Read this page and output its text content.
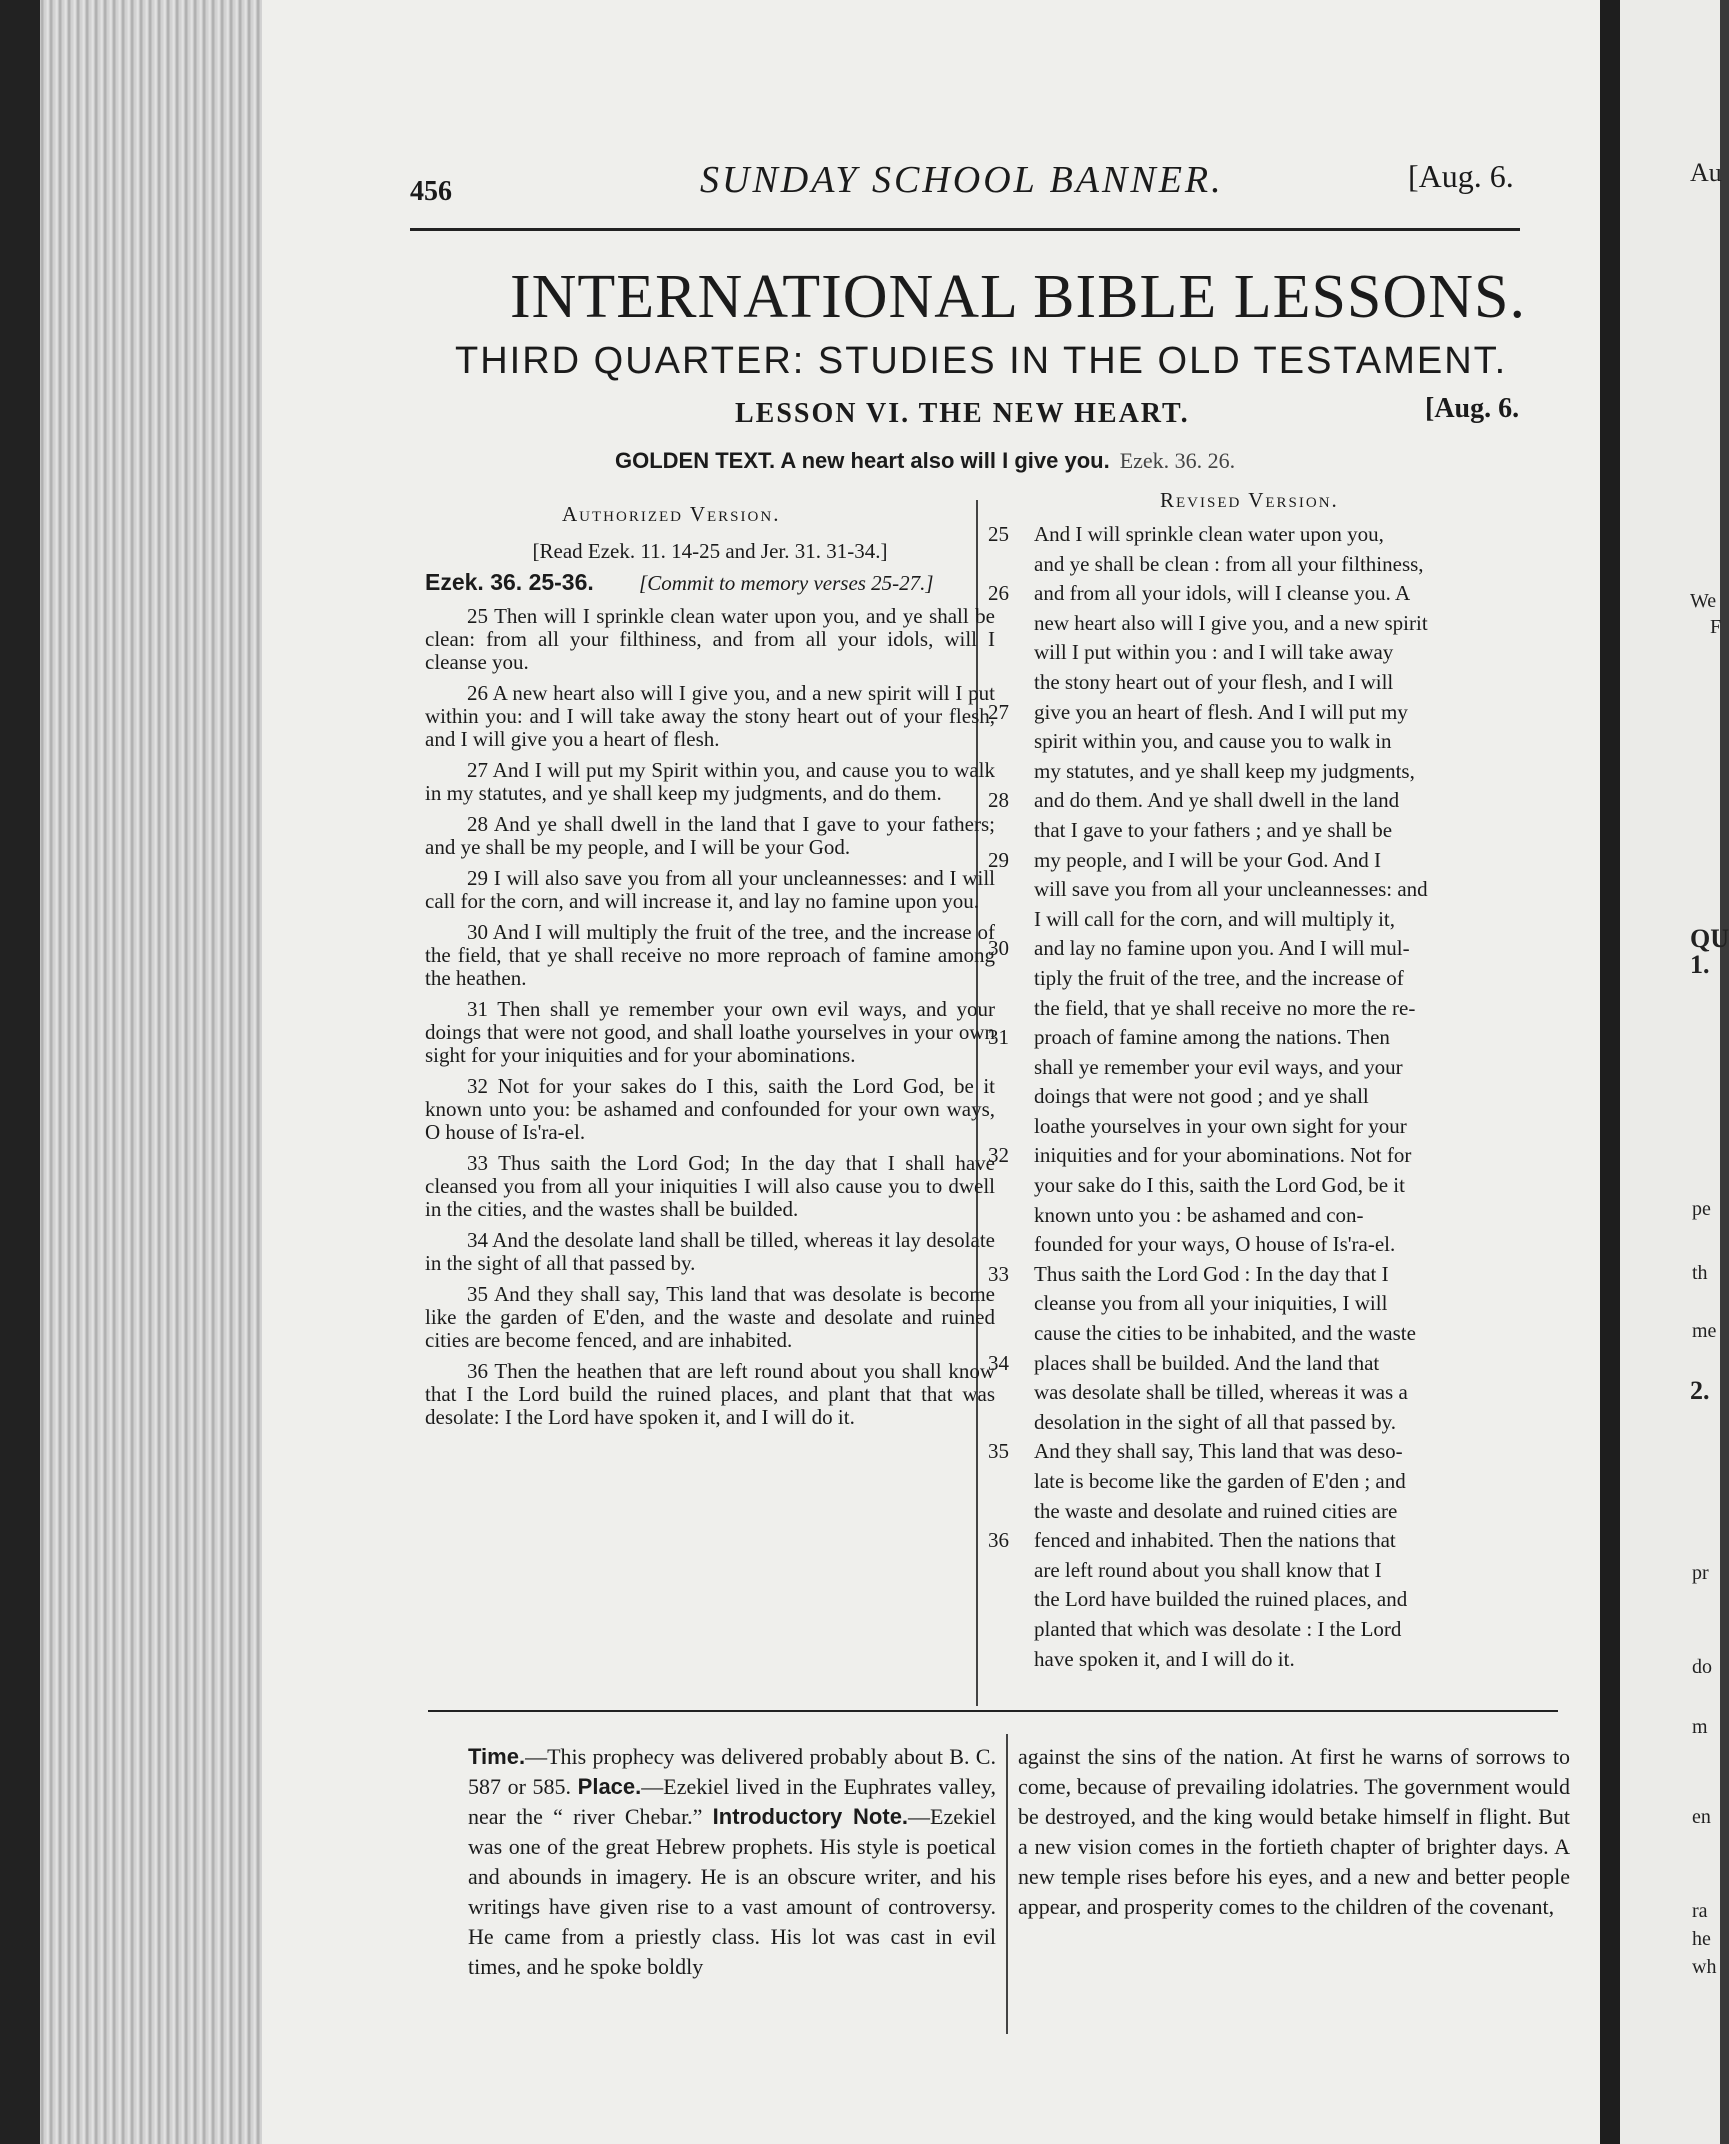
Au
We
F
QU
1.
pe
th
me
2.
pr
do
m
en
ra
he
wh
456	SUNDAY SCHOOL BANNER.	[Aug. 6.
INTERNATIONAL BIBLE LESSONS.
THIRD QUARTER: STUDIES IN THE OLD TESTAMENT.
LESSON VI. THE NEW HEART.	[Aug. 6.
GOLDEN TEXT. A new heart also will I give you. Ezek. 36. 26.
Authorized Version.
Revised Version.
[Read Ezek. 11. 14-25 and Jer. 31. 31-34.]
Ezek. 36. 25-36. [Commit to memory verses 25-27.]

25 Then will I sprinkle clean water upon you, and ye shall be clean: from all your filthiness, and from all your idols, will I cleanse you.

26 A new heart also will I give you, and a new spirit will I put within you: and I will take away the stony heart out of your flesh, and I will give you a heart of flesh.

27 And I will put my Spirit within you, and cause you to walk in my statutes, and ye shall keep my judgments, and do them.

28 And ye shall dwell in the land that I gave to your fathers; and ye shall be my people, and I will be your God.

29 I will also save you from all your uncleannesses: and I will call for the corn, and will increase it, and lay no famine upon you.

30 And I will multiply the fruit of the tree, and the increase of the field, that ye shall receive no more reproach of famine among the heathen.

31 Then shall ye remember your own evil ways, and your doings that were not good, and shall loathe yourselves in your own sight for your iniquities and for your abominations.

32 Not for your sakes do I this, saith the Lord God, be it known unto you: be ashamed and confounded for your own ways, O house of Is'ra-el.

33 Thus saith the Lord God; In the day that I shall have cleansed you from all your iniquities I will also cause you to dwell in the cities, and the wastes shall be builded.

34 And the desolate land shall be tilled, whereas it lay desolate in the sight of all that passed by.

35 And they shall say, This land that was desolate is become like the garden of E'den, and the waste and desolate and ruined cities are become fenced, and are inhabited.

36 Then the heathen that are left round about you shall know that I the Lord build the ruined places, and plant that that was desolate: I the Lord have spoken it, and I will do it.

25	And I will sprinkle clean water upon you,
and ye shall be clean : from all your filthiness,
26	and from all your idols, will I cleanse you. A
new heart also will I give you, and a new spirit
will I put within you : and I will take away
the stony heart out of your flesh, and I will
27	give you an heart of flesh. And I will put my
spirit within you, and cause you to walk in
my statutes, and ye shall keep my judgments,
28	and do them. And ye shall dwell in the land
that I gave to your fathers ; and ye shall be
29	my people, and I will be your God. And I
will save you from all your uncleannesses: and
I will call for the corn, and will multiply it,
30	and lay no famine upon you. And I will mul-
tiply the fruit of the tree, and the increase of
the field, that ye shall receive no more the re-
31	proach of famine among the nations. Then
shall ye remember your evil ways, and your
doings that were not good ; and ye shall
loathe yourselves in your own sight for your
32	iniquities and for your abominations. Not for
your sake do I this, saith the Lord God, be it
known unto you : be ashamed and con-
founded for your ways, O house of Is'ra-el.
33	Thus saith the Lord God : In the day that I
cleanse you from all your iniquities, I will
cause the cities to be inhabited, and the waste
34	places shall be builded. And the land that
was desolate shall be tilled, whereas it was a
desolation in the sight of all that passed by.
35	And they shall say, This land that was deso-
late is become like the garden of E'den ; and
the waste and desolate and ruined cities are
36	fenced and inhabited. Then the nations that
are left round about you shall know that I
the Lord have builded the ruined places, and
planted that which was desolate : I the Lord
have spoken it, and I will do it.
Time.—This prophecy was delivered probably about B. C. 587 or 585. Place.—Ezekiel lived in the Euphrates valley, near the “ river Chebar.” Introductory Note.—Ezekiel was one of the great Hebrew prophets. His style is poetical and abounds in imagery. He is an obscure writer, and his writings have given rise to a vast amount of controversy. He came from a priestly class. His lot was cast in evil times, and he spoke boldly
against the sins of the nation. At first he warns of sorrows to come, because of prevailing idolatries. The government would be destroyed, and the king would betake himself in flight. But a new vision comes in the fortieth chapter of brighter days. A new temple rises before his eyes, and a new and better people appear, and prosperity comes to the children of the covenant,
